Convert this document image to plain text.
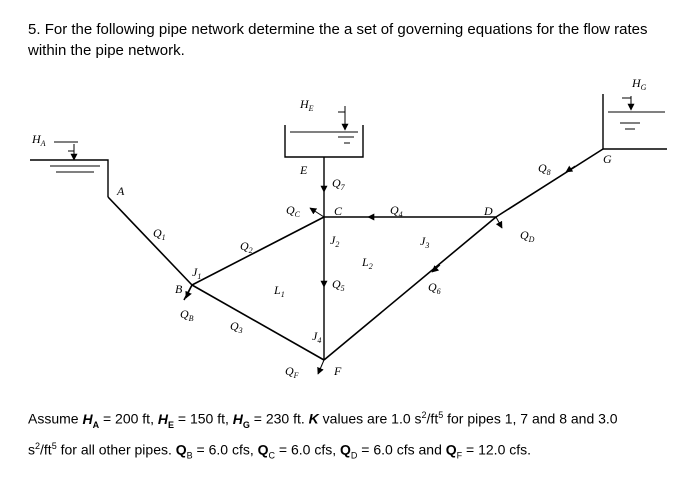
5. For the following pipe network determine the a set of governing equations for the flow rates within the pipe network.
$H_A$
$H_E$
$H_G$
A
B
C	D
E
F
G
$J_1$
$J_2$	$J_3$
$J_4$
$L_1$
$L_2$
$Q_1$
$Q_2$
$Q_3$
$Q_4$
$Q_5$	$Q_6$
$Q_7$
$Q_8$
$Q_B$
$Q_C$
$Q_D$
$Q_F$
Assume $H_A = 200$ ft, $H_E = 150$ ft, $H_G = 230$ ft. K values are 1.0 $s^2/ft^5$ for pipes 1, 7 and 8 and 3.0
$s^2/ft^5$ for all other pipes. $Q_B = 6.0$ cfs, $Q_C = 6.0$ cfs, $Q_D = 6.0$ cfs and $Q_F = 12.0$ cfs.
